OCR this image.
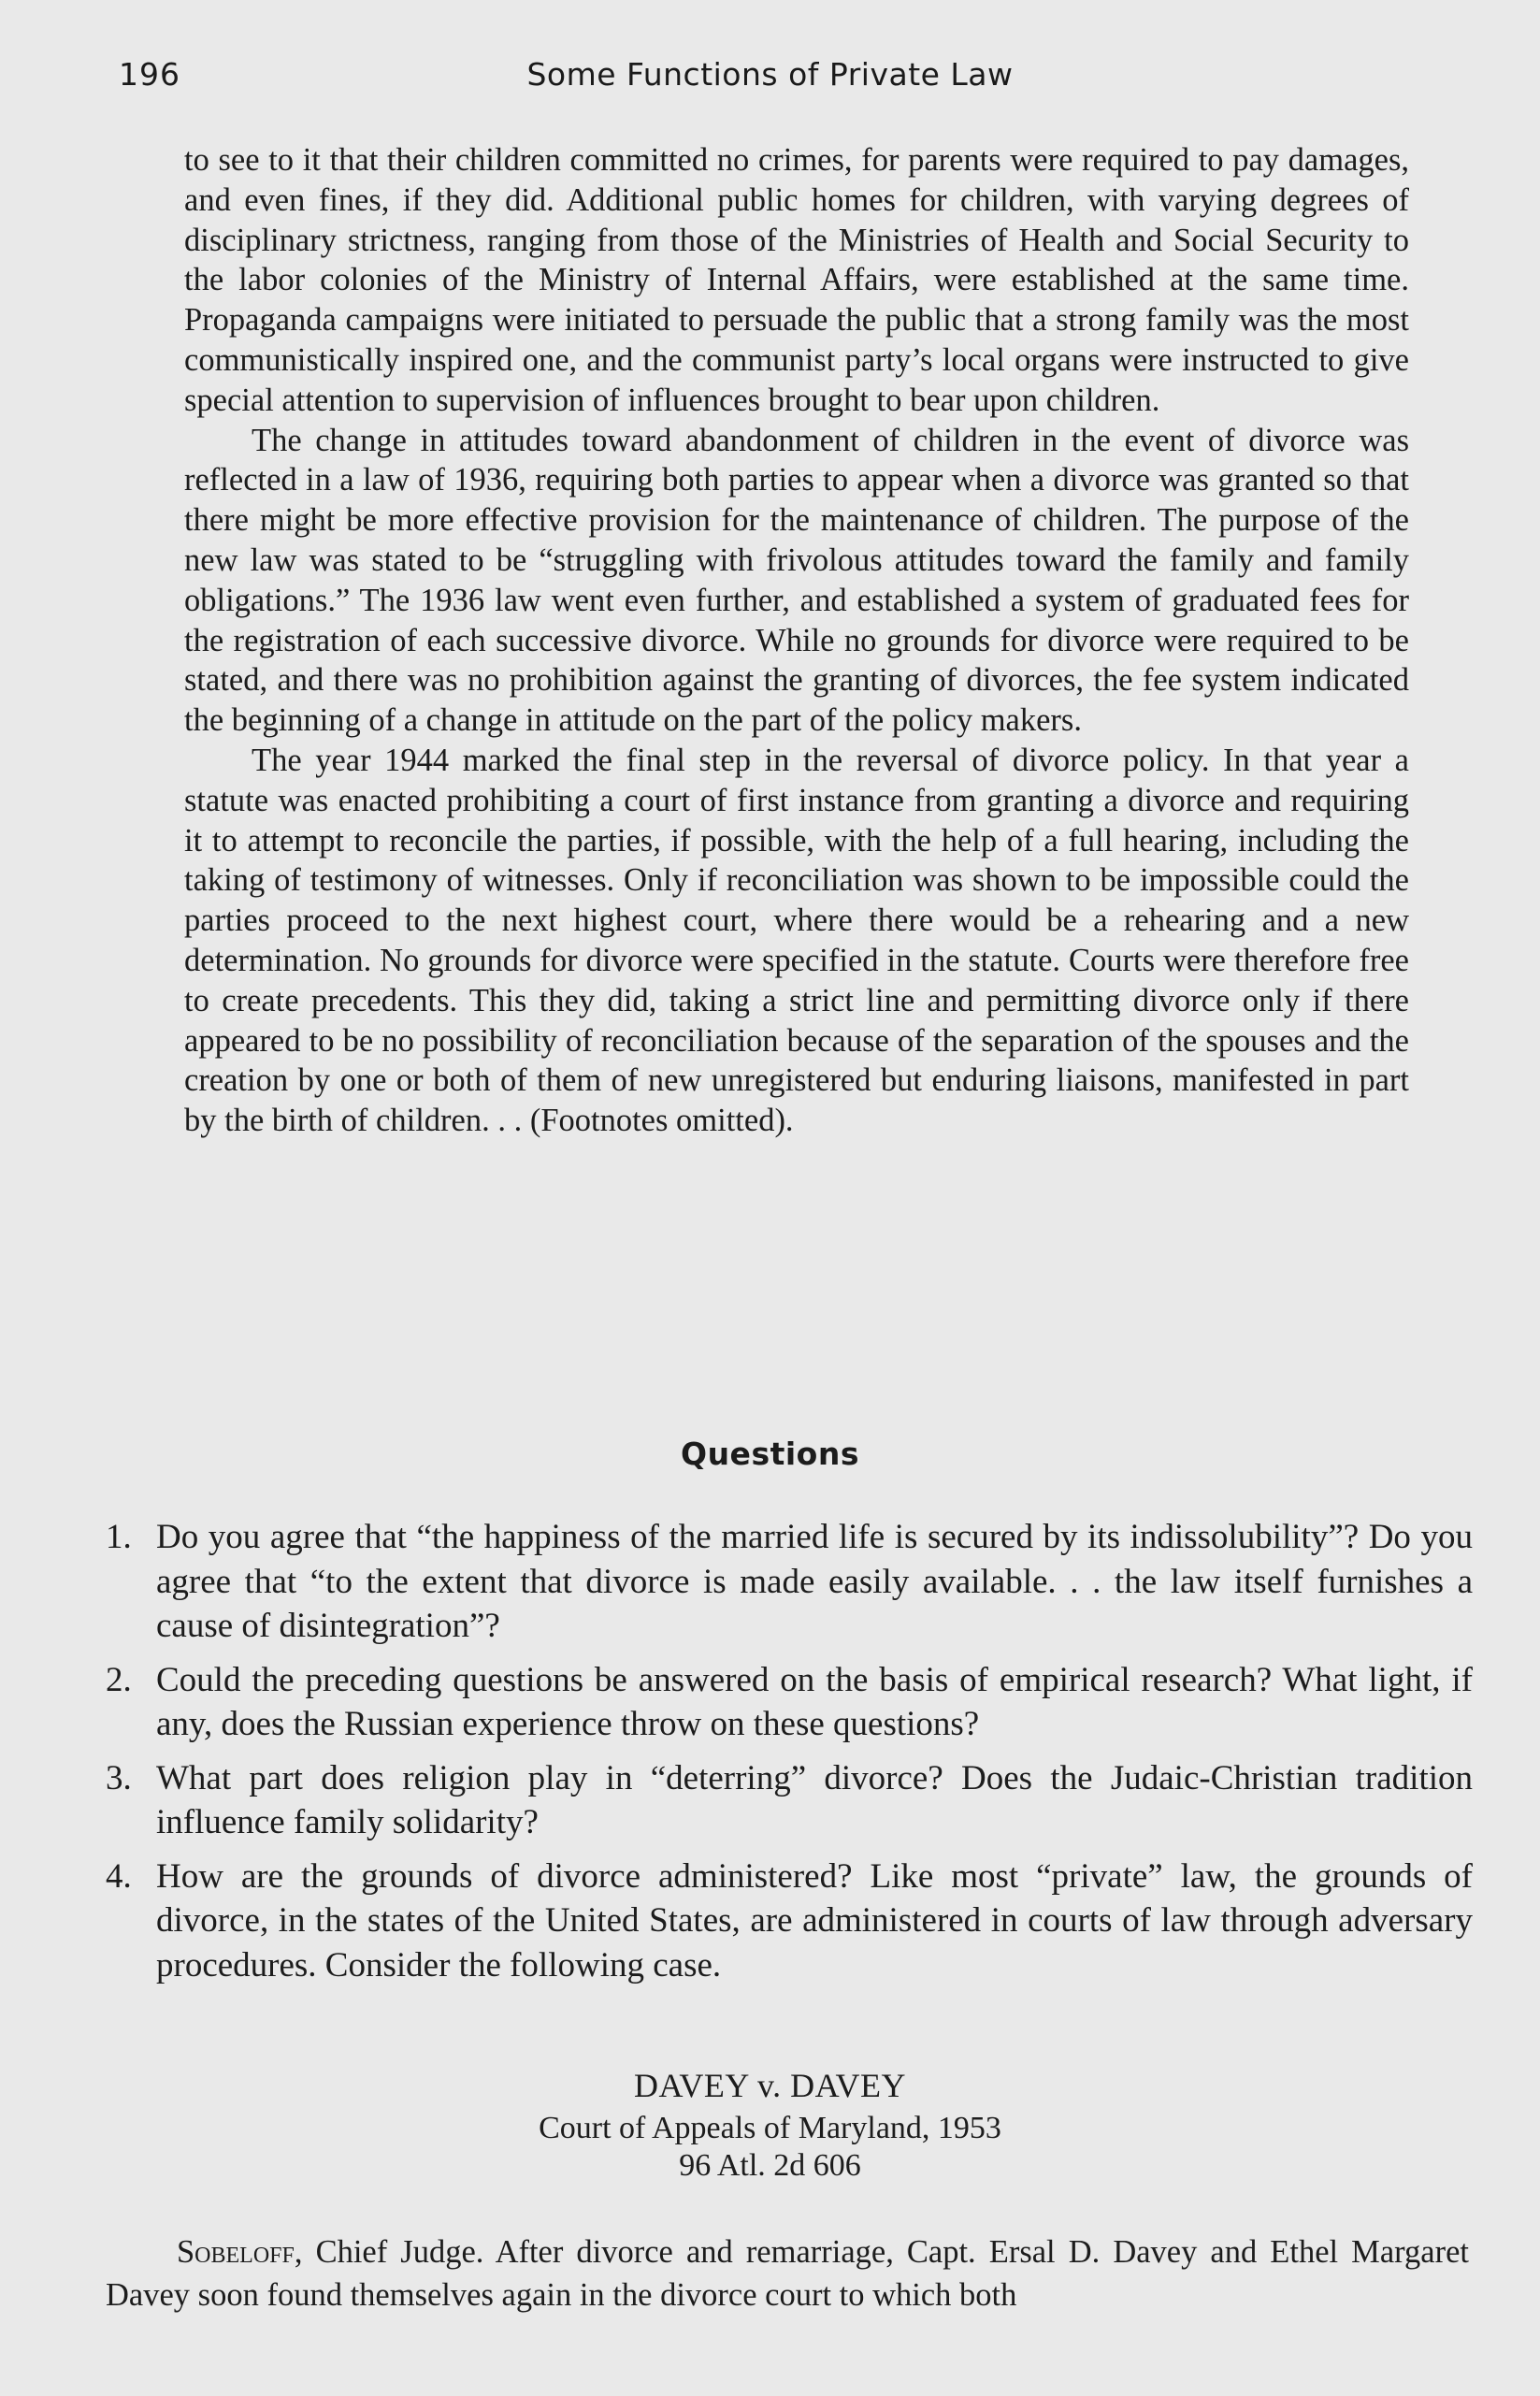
196	Some Functions of Private Law

to see to it that their children committed no crimes, for parents were required to pay damages, and even fines, if they did. Additional public homes for children, with varying degrees of disciplinary strictness, ranging from those of the Ministries of Health and Social Security to the labor colonies of the Ministry of Internal Affairs, were established at the same time. Propaganda campaigns were initiated to persuade the public that a strong family was the most communistically inspired one, and the communist party’s local organs were instructed to give special attention to supervision of influences brought to bear upon children.

The change in attitudes toward abandonment of children in the event of divorce was reflected in a law of 1936, requiring both parties to appear when a divorce was granted so that there might be more effective provision for the maintenance of children. The purpose of the new law was stated to be “struggling with frivolous attitudes toward the family and family obligations.” The 1936 law went even further, and established a system of graduated fees for the registration of each successive divorce. While no grounds for divorce were required to be stated, and there was no prohibition against the granting of divorces, the fee system indicated the beginning of a change in attitude on the part of the policy makers.

The year 1944 marked the final step in the reversal of divorce policy. In that year a statute was enacted prohibiting a court of first instance from granting a divorce and requiring it to attempt to reconcile the parties, if possible, with the help of a full hearing, including the taking of testimony of witnesses. Only if reconciliation was shown to be impossible could the parties proceed to the next highest court, where there would be a rehearing and a new determination. No grounds for divorce were specified in the statute. Courts were therefore free to create precedents. This they did, taking a strict line and permitting divorce only if there appeared to be no possibility of reconciliation because of the separation of the spouses and the creation by one or both of them of new unregistered but enduring liaisons, manifested in part by the birth of children. . . (Footnotes omitted).

Questions
1. Do you agree that “the happiness of the married life is secured by its indissolubility”? Do you agree that “to the extent that divorce is made easily available. . . the law itself furnishes a cause of disintegration”?
2. Could the preceding questions be answered on the basis of empirical research? What light, if any, does the Russian experience throw on these questions?
3. What part does religion play in “deterring” divorce? Does the Judaic-Christian tradition influence family solidarity?
4. How are the grounds of divorce administered? Like most “private” law, the grounds of divorce, in the states of the United States, are administered in courts of law through adversary procedures. Consider the following case.
DAVEY v. DAVEY
Court of Appeals of Maryland, 1953
96 Atl. 2d 606

Sobeloff, Chief Judge. After divorce and remarriage, Capt. Ersal D. Davey and Ethel Margaret Davey soon found themselves again in the divorce court to which both
